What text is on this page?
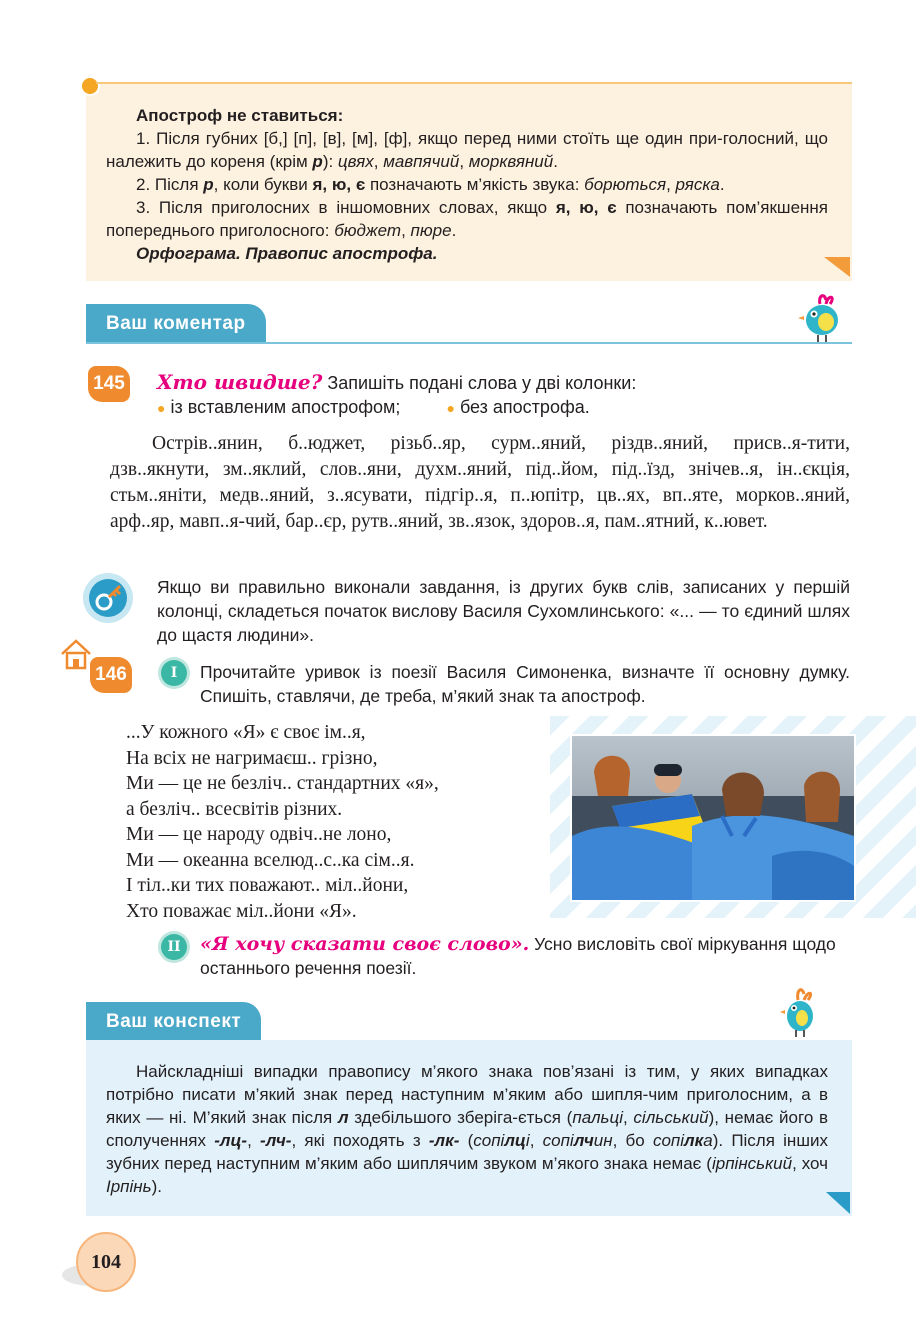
Апостроф не ставиться:

1. Після губних [б,] [п], [в], [м], [ф], якщо перед ними стоїть ще один при-голосний, що належить до кореня (крім р): цвях, мавпячий, морквяний.

2. Після р, коли букви я, ю, є позначають м’якість звука: борються, ряска.

3. Після приголосних в іншомовних словах, якщо я, ю, є позначають пом’якшення попереднього приголосного: бюджет, пюре.

Орфограма. Правопис апострофа.

Ваш коментар
145 Хто швидше? Запишіть подані слова у дві колонки:
● із вставленим апострофом;	● без апострофа.
Острів..янин, б..юджет, різьб..яр, сурм..яний, різдв..яний, присв..я-тити, дзв..якнути, зм..яклий, слов..яни, духм..яний, під..йом, під..їзд, знічев..я, ін..єкція, стьм..яніти, медв..яний, з..ясувати, підгір..я, п..юпітр, цв..ях, вп..яте, морков..яний, арф..яр, мавп..я-чий, бар..єр, рутв..яний, зв..язок, здоров..я, пам..ятний, к..ювет.
Якщо ви правильно виконали завдання, із других букв слів, записаних у першій колонці, складеться початок вислову Василя Сухомлинського: «... — то єдиний шлях до щастя людини».
146	I	Прочитайте уривок із поезії Василя Симоненка, визначте її основну думку. Спишіть, ставлячи, де треба, м’який знак та апостроф.
...У кожного «Я» є своє ім..я,
На всіх не нагримаєш.. грізно,
Ми — це не безліч.. стандартних «я»,
а безліч.. всесвітів різних.
Ми — це народу одвіч..не лоно,
Ми — океанна вселюд..с..ка сім..я.
І тіл..ки тих поважают.. міл..йони,
Хто поважає міл..йони «Я».
II	«Я хочу сказати своє слово». Усно висловіть свої міркування щодо останнього речення поезії.
Ваш конспект
Найскладніші випадки правопису м’якого знака пов’язані із тим, у яких випадках потрібно писати м’який знак перед наступним м’яким або шипля-чим приголосним, а в яких — ні. М’який знак після л здебільшого зберіга-ється (пальці, сільський), немає його в сполученнях -лц-, -лч-, які походять з -лк- (сопілці, сопілчин, бо сопілка). Після інших зубних перед наступним м’яким або шиплячим звуком м’якого знака немає (ірпінський, хоч Ірпінь).
104
